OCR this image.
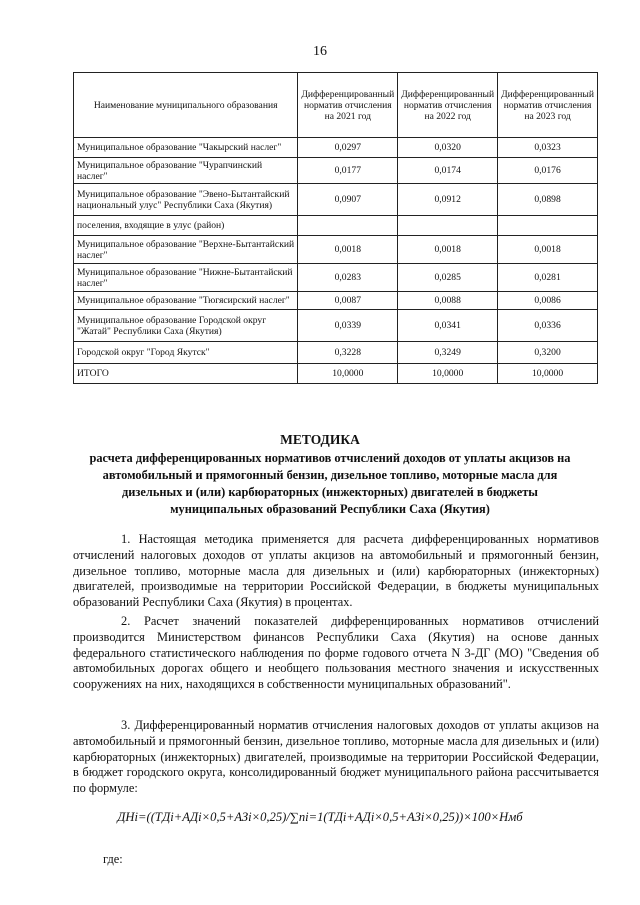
16
Наименование муниципального образования	Дифференцированный норматив отчисления на 2021 год	Дифференцированный норматив отчисления на 2022 год	Дифференцированный норматив отчисления на 2023 год
Муниципальное образование "Чакырский наслег"	0,0297	0,0320	0,0323
Муниципальное образование "Чурапчинский наслег"	0,0177	0,0174	0,0176
Муниципальное образование "Эвено-Бытантайский национальный улус" Республики Саха (Якутия)	0,0907	0,0912	0,0898
поселения, входящие в улус (район)			
Муниципальное образование "Верхне-Бытантайский наслег"	0,0018	0,0018	0,0018
Муниципальное образование "Нижне-Бытантайский наслег"	0,0283	0,0285	0,0281
Муниципальное образование "Тюгясирский наслег"	0,0087	0,0088	0,0086
Муниципальное образование Городской округ "Жатай" Республики Саха (Якутия)	0,0339	0,0341	0,0336
Городской округ "Город Якутск"	0,3228	0,3249	0,3200
ИТОГО	10,0000	10,0000	10,0000
МЕТОДИКА
расчета дифференцированных нормативов отчислений доходов от уплаты акцизов на автомобильный и прямогонный бензин, дизельное топливо, моторные масла для дизельных и (или) карбюраторных (инжекторных) двигателей в бюджеты муниципальных образований Республики Саха (Якутия)

1. Настоящая методика применяется для расчета дифференцированных нормативов отчислений налоговых доходов от уплаты акцизов на автомобильный и прямогонный бензин, дизельное топливо, моторные масла для дизельных и (или) карбюраторных (инжекторных) двигателей, производимые на территории Российской Федерации, в бюджеты муниципальных образований Республики Саха (Якутия) в процентах.

2. Расчет значений показателей дифференцированных нормативов отчислений производится Министерством финансов Республики Саха (Якутия) на основе данных федерального статистического наблюдения по форме годового отчета N 3-ДГ (МО) "Сведения об автомобильных дорогах общего и необщего пользования местного значения и искусственных сооружениях на них, находящихся в собственности муниципальных образований".

3. Дифференцированный норматив отчисления налоговых доходов от уплаты акцизов на автомобильный и прямогонный бензин, дизельное топливо, моторные масла для дизельных и (или) карбюраторных (инжекторных) двигателей, производимые на территории Российской Федерации, в бюджет городского округа, консолидированный бюджет муниципального района рассчитывается по формуле:

ДНi=((ТДi+АДi×0,5+АЗi×0,25)/∑ni=1(ТДi+АДi×0,5+АЗi×0,25))×100×Hмб
где:
